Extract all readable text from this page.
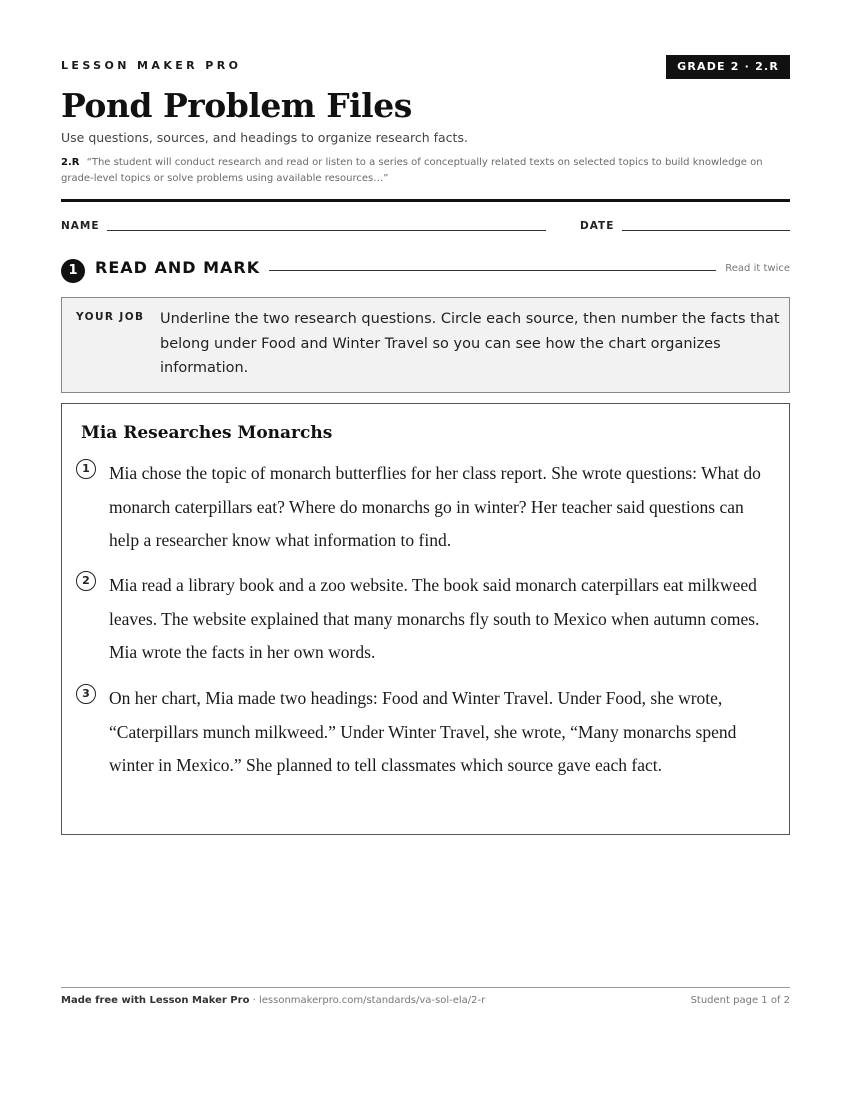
LESSON MAKER PRO	GRADE 2 · 2.R
Pond Problem Files
Use questions, sources, and headings to organize research facts.
2.R “The student will conduct research and read or listen to a series of conceptually related texts on selected topics to build knowledge on grade-level topics or solve problems using available resources…”
NAME	DATE
1	READ AND MARK	Read it twice
YOUR JOB Underline the two research questions. Circle each source, then number the facts that belong under Food and Winter Travel so you can see how the chart organizes information.
Mia Researches Monarchs
1	Mia chose the topic of monarch butterflies for her class report. She wrote questions: What do monarch caterpillars eat? Where do monarchs go in winter? Her teacher said questions can help a researcher know what information to find.
2	Mia read a library book and a zoo website. The book said monarch caterpillars eat milkweed leaves. The website explained that many monarchs fly south to Mexico when autumn comes. Mia wrote the facts in her own words.
3	On her chart, Mia made two headings: Food and Winter Travel. Under Food, she wrote, “Caterpillars munch milkweed.” Under Winter Travel, she wrote, “Many monarchs spend winter in Mexico.” She planned to tell classmates which source gave each fact.
Made free with Lesson Maker Pro · lessonmakerpro.com/standards/va-sol-ela/2-r	Student page 1 of 2
